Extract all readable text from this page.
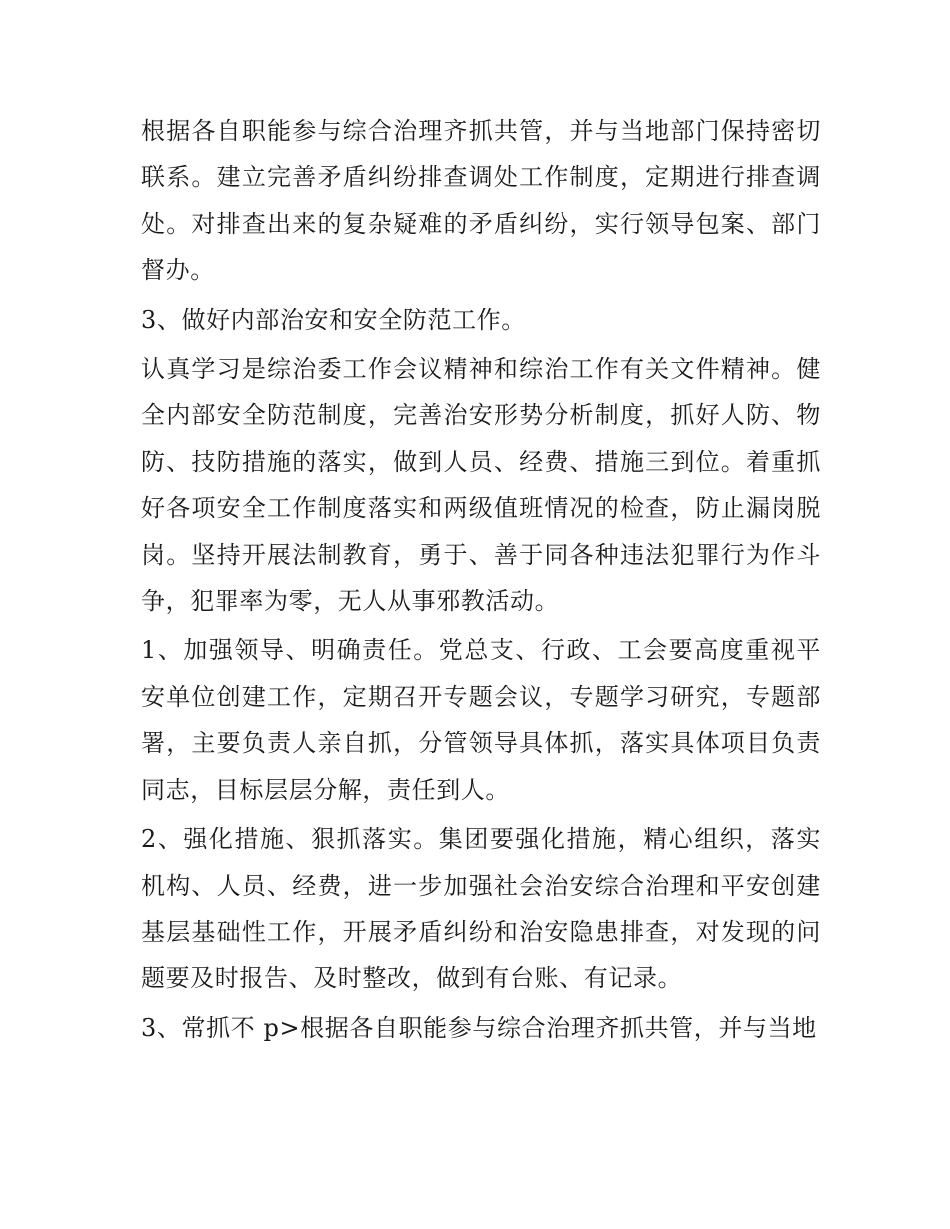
根据各自职能参与综合治理齐抓共管，并与当地部门保持密切联系。建立完善矛盾纠纷排查调处工作制度，定期进行排查调处。对排查出来的复杂疑难的矛盾纠纷，实行领导包案、部门督办。

3、做好内部治安和安全防范工作。

认真学习是综治委工作会议精神和综治工作有关文件精神。健全内部安全防范制度，完善治安形势分析制度，抓好人防、物防、技防措施的落实，做到人员、经费、措施三到位。着重抓好各项安全工作制度落实和两级值班情况的检查，防止漏岗脱岗。坚持开展法制教育，勇于、善于同各种违法犯罪行为作斗争，犯罪率为零，无人从事邪教活动。

1、加强领导、明确责任。党总支、行政、工会要高度重视平安单位创建工作，定期召开专题会议，专题学习研究，专题部署，主要负责人亲自抓，分管领导具体抓，落实具体项目负责同志，目标层层分解，责任到人。

2、强化措施、狠抓落实。集团要强化措施，精心组织，落实机构、人员、经费，进一步加强社会治安综合治理和平安创建基层基础性工作，开展矛盾纠纷和治安隐患排查，对发现的问题要及时报告、及时整改，做到有台账、有记录。

3、常抓不 p>根据各自职能参与综合治理齐抓共管，并与当地
